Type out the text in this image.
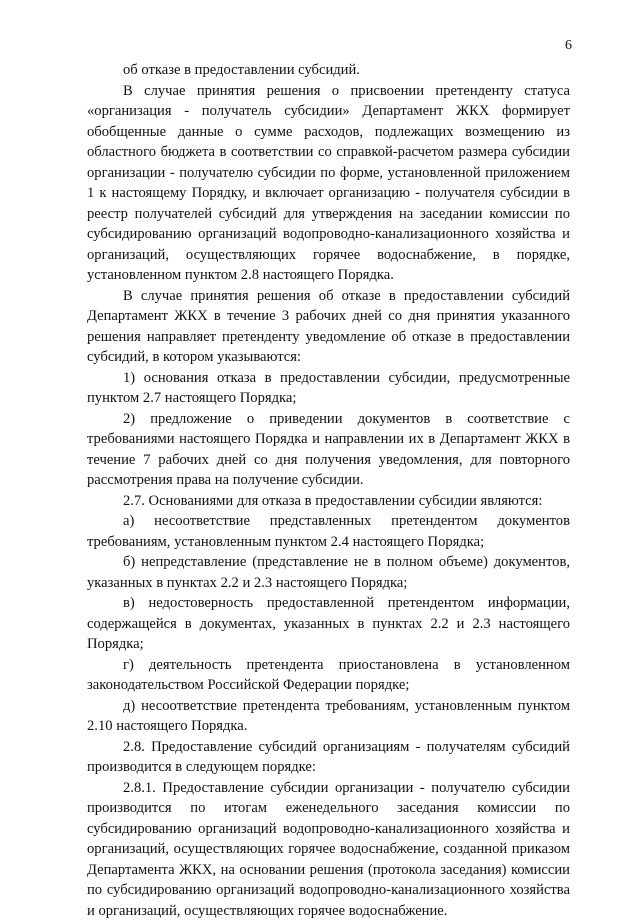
6

об отказе в предоставлении субсидий.

В случае принятия решения о присвоении претенденту статуса «организация - получатель субсидии» Департамент ЖКХ формирует обобщенные данные о сумме расходов, подлежащих возмещению из областного бюджета в соответствии со справкой-расчетом размера субсидии организации - получателю субсидии по форме, установленной приложением 1 к настоящему Порядку, и включает организацию - получателя субсидии в реестр получателей субсидий для утверждения на заседании комиссии по субсидированию организаций водопроводно-канализационного хозяйства и организаций, осуществляющих горячее водоснабжение, в порядке, установленном пунктом 2.8 настоящего Порядка.

В случае принятия решения об отказе в предоставлении субсидий Департамент ЖКХ в течение 3 рабочих дней со дня принятия указанного решения направляет претенденту уведомление об отказе в предоставлении субсидий, в котором указываются:

1) основания отказа в предоставлении субсидии, предусмотренные пунктом 2.7 настоящего Порядка;

2) предложение о приведении документов в соответствие с требованиями настоящего Порядка и направлении их в Департамент ЖКХ в течение 7 рабочих дней со дня получения уведомления, для повторного рассмотрения права на получение субсидии.

2.7. Основаниями для отказа в предоставлении субсидии являются:

а) несоответствие представленных претендентом документов требованиям, установленным пунктом 2.4 настоящего Порядка;

б) непредставление (представление не в полном объеме) документов, указанных в пунктах 2.2 и 2.3 настоящего Порядка;

в) недостоверность предоставленной претендентом информации, содержащейся в документах, указанных в пунктах 2.2 и 2.3 настоящего Порядка;

г) деятельность претендента приостановлена в установленном законодательством Российской Федерации порядке;

д) несоответствие претендента требованиям, установленным пунктом 2.10 настоящего Порядка.

2.8. Предоставление субсидий организациям - получателям субсидий производится в следующем порядке:

2.8.1. Предоставление субсидии организации - получателю субсидии производится по итогам еженедельного заседания комиссии по субсидированию организаций водопроводно-канализационного хозяйства и организаций, осуществляющих горячее водоснабжение, созданной приказом Департамента ЖКХ, на основании решения (протокола заседания) комиссии по субсидированию организаций водопроводно-канализационного хозяйства и организаций, осуществляющих горячее водоснабжение.
